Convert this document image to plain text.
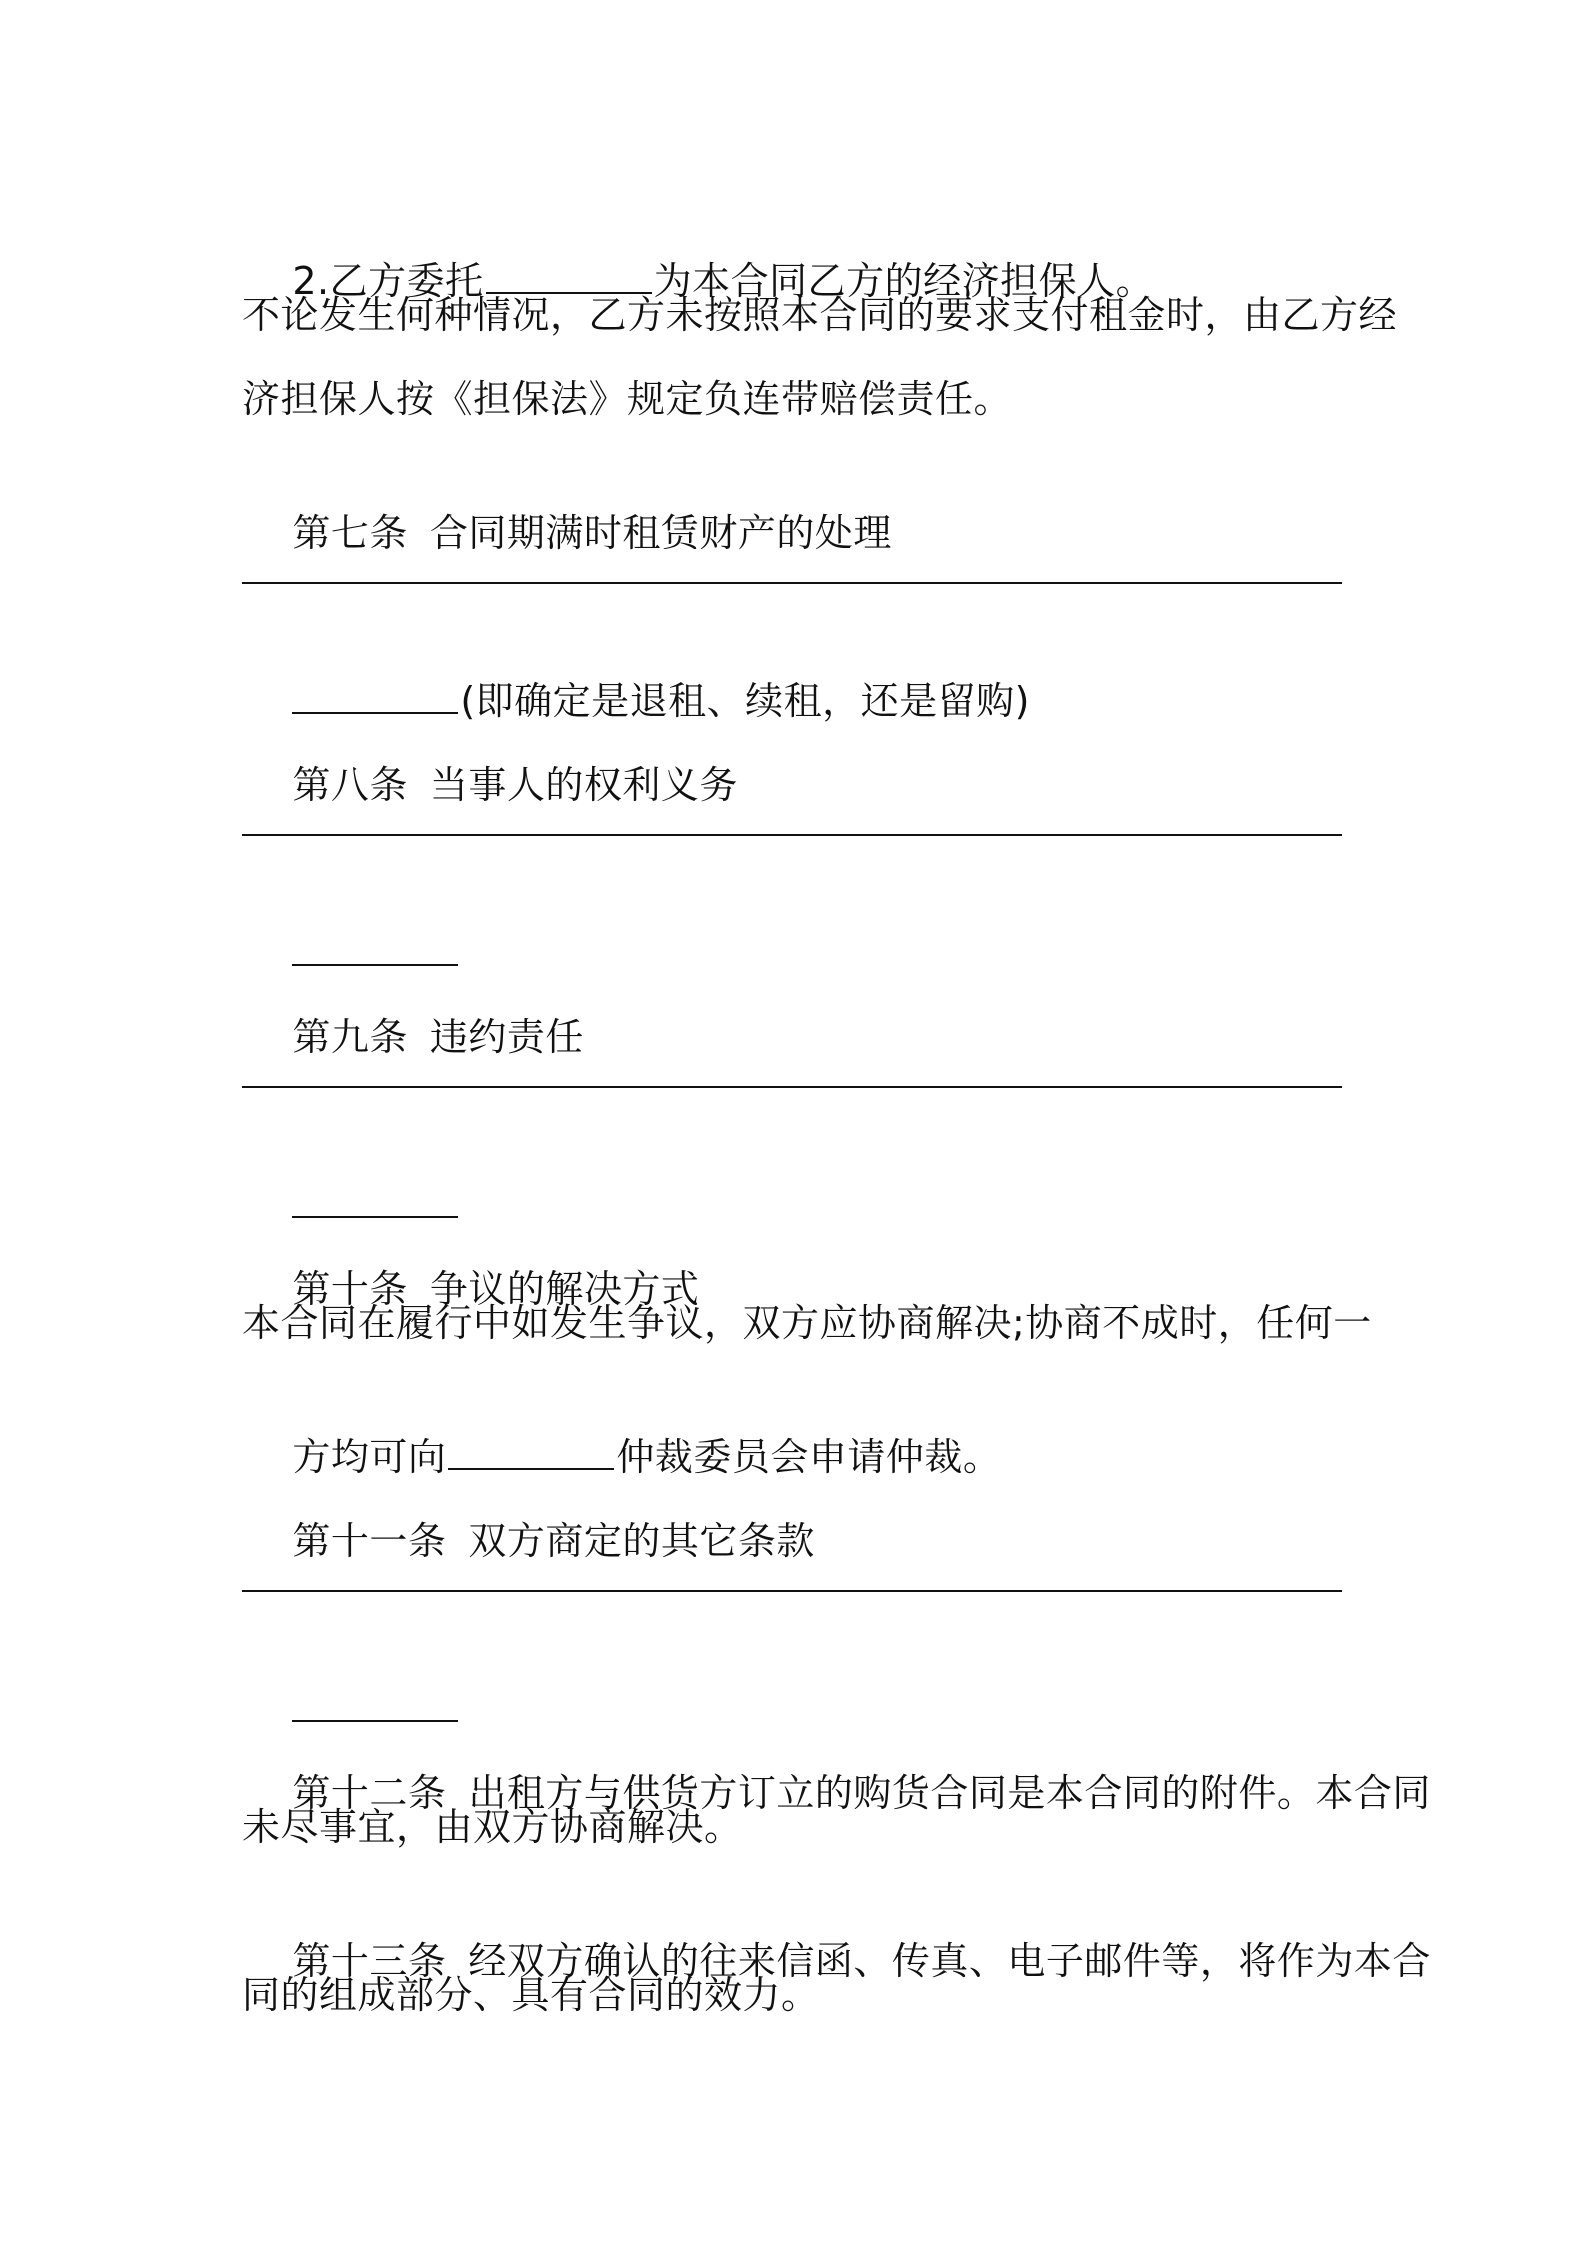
2.乙方委托	为本合同乙方的经济担保人。

不论发生何种情况，乙方未按照本合同的要求支付租金时，由乙方经
济担保人按《担保法》规定负连带赔偿责任。

第七条 合同期满时租赁财产的处理

(即确定是退租、续租，还是留购)

第八条 当事人的权利义务

第九条 违约责任

第十条 争议的解决方式

本合同在履行中如发生争议，双方应协商解决;协商不成时，任何一

方均可向	仲裁委员会申请仲裁。

第十一条 双方商定的其它条款

第十二条 出租方与供货方订立的购货合同是本合同的附件。本合同

未尽事宜，由双方协商解决。

第十三条 经双方确认的往来信函、传真、电子邮件等，将作为本合

同的组成部分、具有合同的效力。
